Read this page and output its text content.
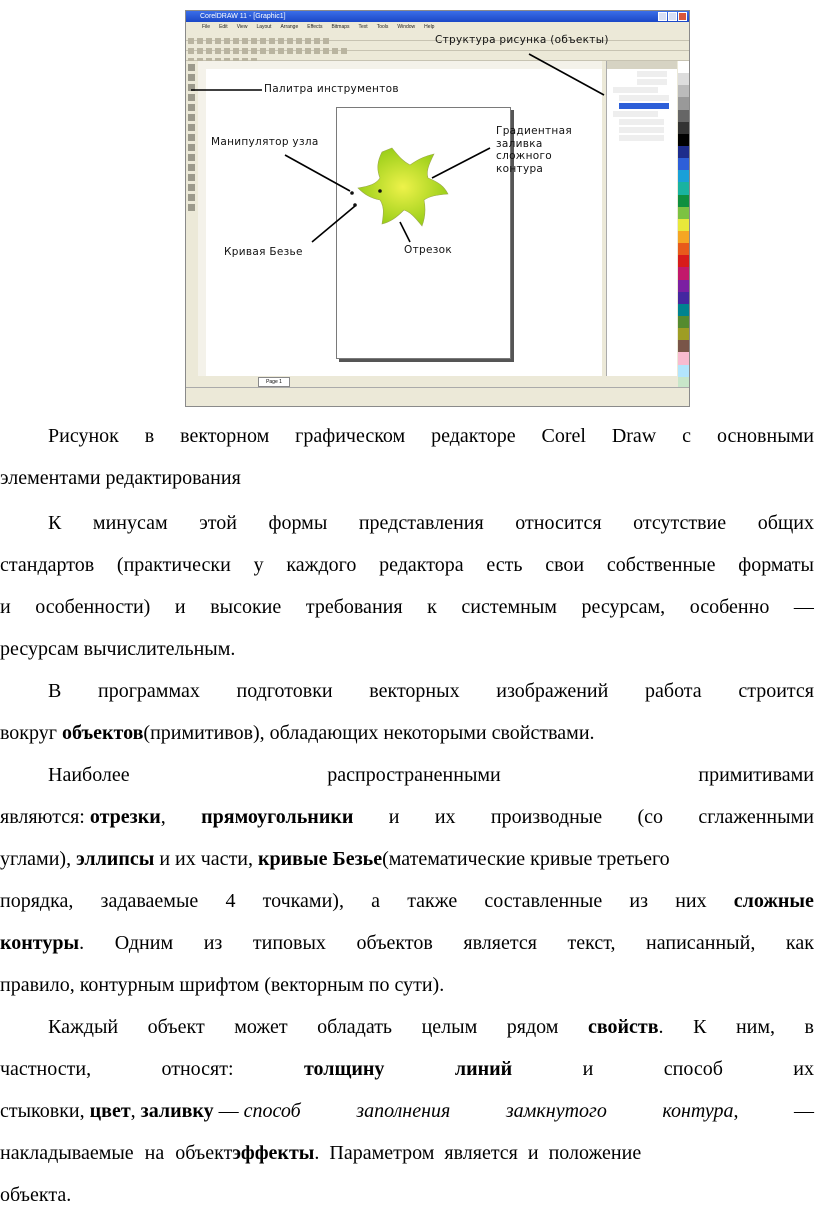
CorelDRAW 11 - [Graphic1]
File Edit View Layout Arrange Effects Bitmaps Text Tools Window Help
Page 1
Структура рисунка (объекты)
Палитра инструментов
Манипулятор узла
Градиентная
заливка
сложного
контура
Кривая Безье	Отрезок
Рисунок в векторном графическом редакторе Corel Draw с основными
элементами редактирования
К минусам этой формы представления относится отсутствие общих
стандартов (практически у каждого редактора есть свои собственные форматы
и особенности) и высокие требования к системным ресурсам, особенно —
ресурсам вычислительным.
В программах подготовки векторных изображений работа строится
вокруг объектов(примитивов), обладающих некоторыми свойствами.
Наиболее	распространенными	примитивами
являются: отрезки, прямоугольники и их производные (со сглаженными
углами), эллипсы и их части, кривые Безье(математические кривые третьего
порядка, задаваемые 4 точками), а также составленные из них сложные
контуры. Одним из типовых объектов является текст, написанный, как
правило, контурным шрифтом (векторным по сути).
Каждый объект может обладать целым рядом свойств. К ним, в
частности,	относят:	толщину	линий	и	способ	их
стыковки, цвет, заливку — способ	заполнения	замкнутого	контура,	—
накладываемые на объект эффекты . Параметром является и положение
объекта.
